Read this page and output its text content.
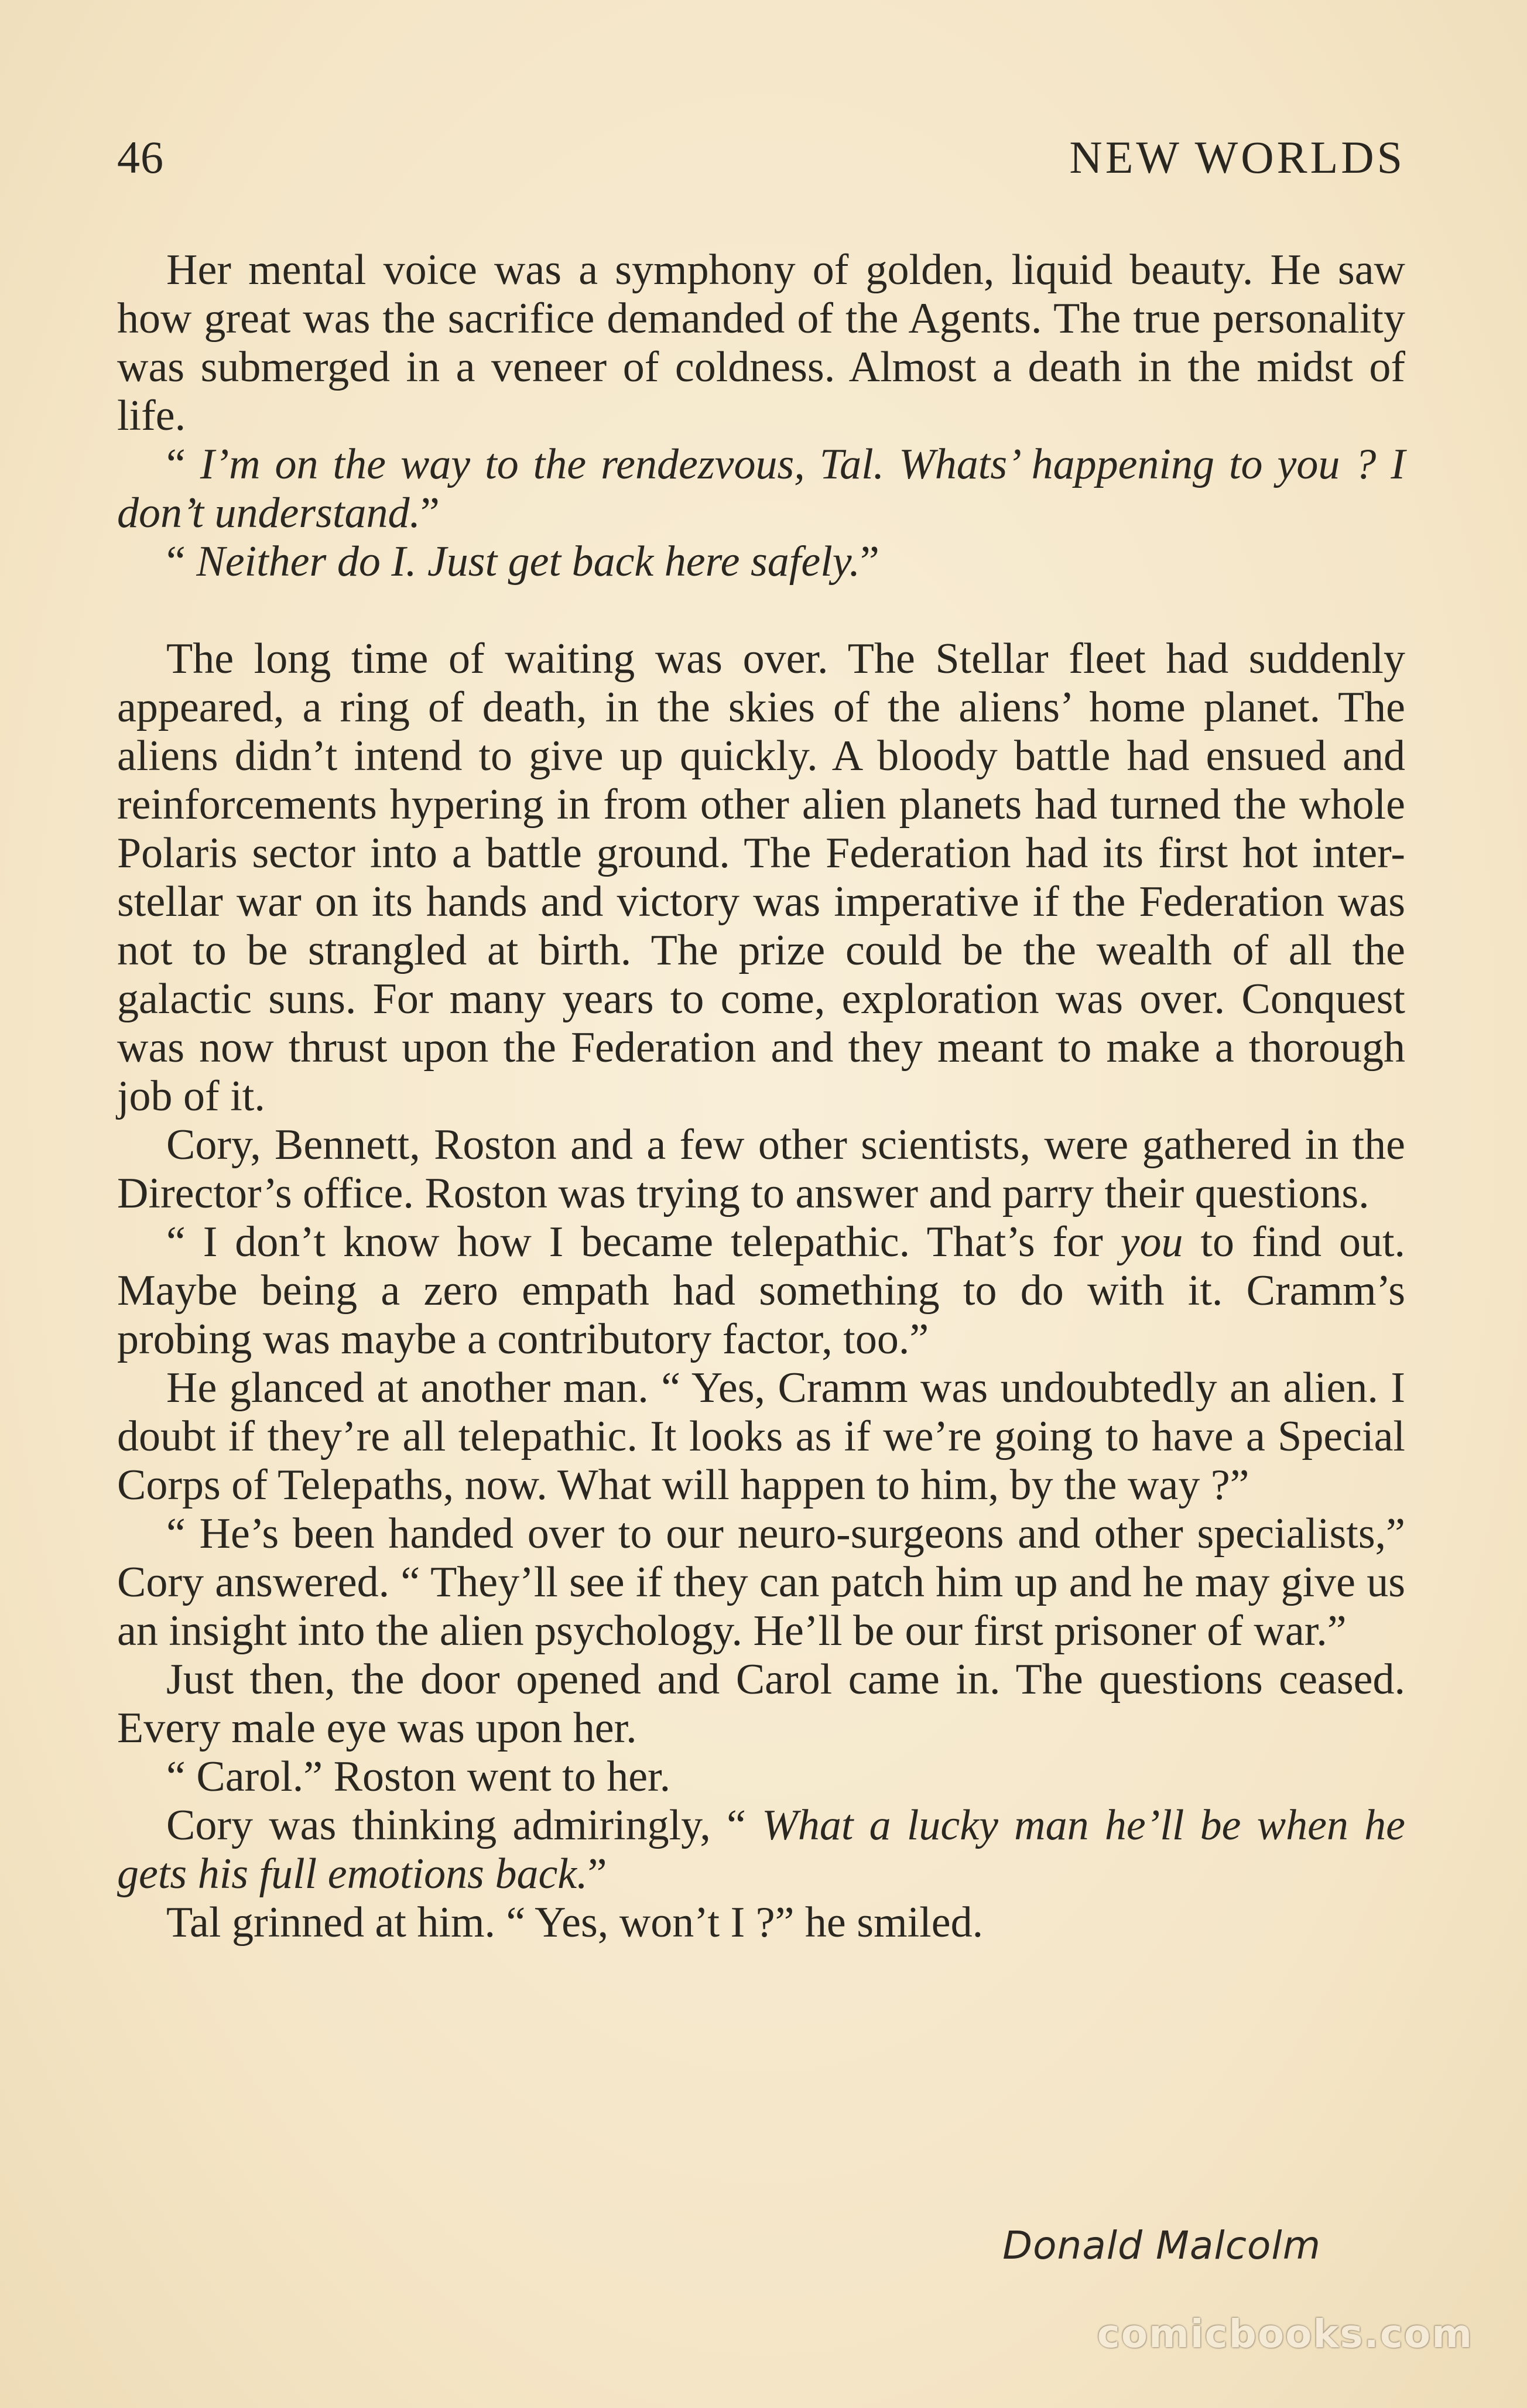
46	NEW WORLDS

Her mental voice was a symphony of golden, liquid beauty. He saw how great was the sacrifice demanded of the Agents. The true personality was submerged in a veneer of coldness. Almost a death in the midst of life.

“ I’m on the way to the rendezvous, Tal. Whats’ happening to you ? I don’t understand.”

“ Neither do I. Just get back here safely.”

The long time of waiting was over. The Stellar fleet had suddenly appeared, a ring of death, in the skies of the aliens’ home planet. The aliens didn’t intend to give up quickly. A bloody battle had ensued and reinforcements hypering in from other alien planets had turned the whole Polaris sector into a battle ground. The Federation had its first hot inter-stellar war on its hands and victory was imperative if the Federation was not to be strangled at birth. The prize could be the wealth of all the galactic suns. For many years to come, exploration was over. Conquest was now thrust upon the Federation and they meant to make a thorough job of it.

Cory, Bennett, Roston and a few other scientists, were gathered in the Director’s office. Roston was trying to answer and parry their questions.

“ I don’t know how I became telepathic. That’s for you to find out. Maybe being a zero empath had something to do with it. Cramm’s probing was maybe a contributory factor, too.”

He glanced at another man. “ Yes, Cramm was undoubtedly an alien. I doubt if they’re all telepathic. It looks as if we’re going to have a Special Corps of Telepaths, now. What will happen to him, by the way ?”

“ He’s been handed over to our neuro-surgeons and other specialists,” Cory answered. “ They’ll see if they can patch him up and he may give us an insight into the alien psychology. He’ll be our first prisoner of war.”

Just then, the door opened and Carol came in. The questions ceased. Every male eye was upon her.

“ Carol.” Roston went to her.

Cory was thinking admiringly, “ What a lucky man he’ll be when he gets his full emotions back.”

Tal grinned at him. “ Yes, won’t I ?” he smiled.

Donald Malcolm
comicbooks.com
